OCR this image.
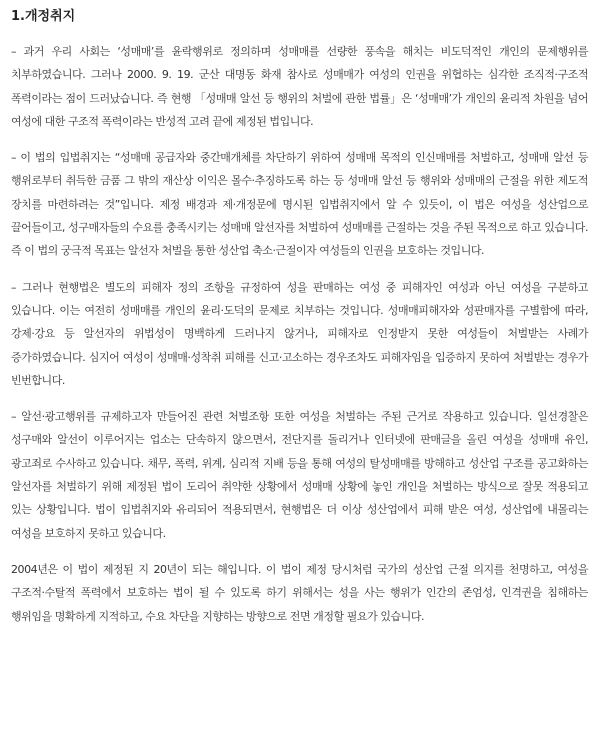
1.개정취지

– 과거 우리 사회는 ‘성매매’를 윤락행위로 정의하며 성매매를 선량한 풍속을 해치는 비도덕적인 개인의 문제행위를 치부하였습니다. 그러나 2000. 9. 19. 군산 대명동 화재 참사로 성매매가 여성의 인권을 위협하는 심각한 조직적·구조적 폭력이라는 점이 드러났습니다. 즉 현행 「성매매 알선 등 행위의 처벌에 관한 법률」은 ‘성매매’가 개인의 윤리적 차원을 넘어 여성에 대한 구조적 폭력이라는 반성적 고려 끝에 제정된 법입니다.

– 이 법의 입법취지는 “성매매 공급자와 중간매개체를 차단하기 위하여 성매매 목적의 인신매매를 처벌하고, 성매매 알선 등 행위로부터 취득한 금품 그 밖의 재산상 이익은 몰수·추징하도록 하는 등 성매매 알선 등 행위와 성매매의 근절을 위한 제도적 장치를 마련하려는 것”입니다. 제정 배경과 제·개정문에 명시된 입법취지에서 알 수 있듯이, 이 법은 여성을 성산업으로 끌어들이고, 성구매자들의 수요를 충족시키는 성매매 알선자를 처벌하여 성매매를 근절하는 것을 주된 목적으로 하고 있습니다. 즉 이 법의 궁극적 목표는 알선자 처벌을 통한 성산업 축소·근절이자 여성들의 인권을 보호하는 것입니다.

– 그러나 현행법은 별도의 피해자 정의 조항을 규정하여 성을 판매하는 여성 중 피해자인 여성과 아닌 여성을 구분하고 있습니다. 이는 여전히 성매매를 개인의 윤리·도덕의 문제로 치부하는 것입니다. 성매매피해자와 성판매자를 구별함에 따라, 강제·강요 등 알선자의 위법성이 명백하게 드러나지 않거나, 피해자로 인정받지 못한 여성들이 처벌받는 사례가 증가하였습니다. 심지어 여성이 성매매·성착취 피해를 신고·고소하는 경우조차도 피해자임을 입증하지 못하여 처벌받는 경우가 빈번합니다.

– 알선·광고행위를 규제하고자 만들어진 관련 처벌조항 또한 여성을 처벌하는 주된 근거로 작용하고 있습니다. 일선경찰은 성구매와 알선이 이루어지는 업소는 단속하지 않으면서, 전단지를 돌리거나 인터넷에 판매글을 올린 여성을 성매매 유인, 광고죄로 수사하고 있습니다. 채무, 폭력, 위계, 심리적 지배 등을 통해 여성의 탈성매매를 방해하고 성산업 구조를 공고화하는 알선자를 처벌하기 위해 제정된 법이 도리어 취약한 상황에서 성매매 상황에 놓인 개인을 처벌하는 방식으로 잘못 적용되고 있는 상황입니다. 법이 입법취지와 유리되어 적용되면서, 현행법은 더 이상 성산업에서 피해 받은 여성, 성산업에 내몰리는 여성을 보호하지 못하고 있습니다.

2004년은 이 법이 제정된 지 20년이 되는 해입니다. 이 법이 제정 당시처럼 국가의 성산업 근절 의지를 천명하고, 여성을 구조적·수탈적 폭력에서 보호하는 법이 될 수 있도록 하기 위해서는 성을 사는 행위가 인간의 존엄성, 인격권을 침해하는 행위임을 명확하게 지적하고, 수요 차단을 지향하는 방향으로 전면 개정할 필요가 있습니다.
